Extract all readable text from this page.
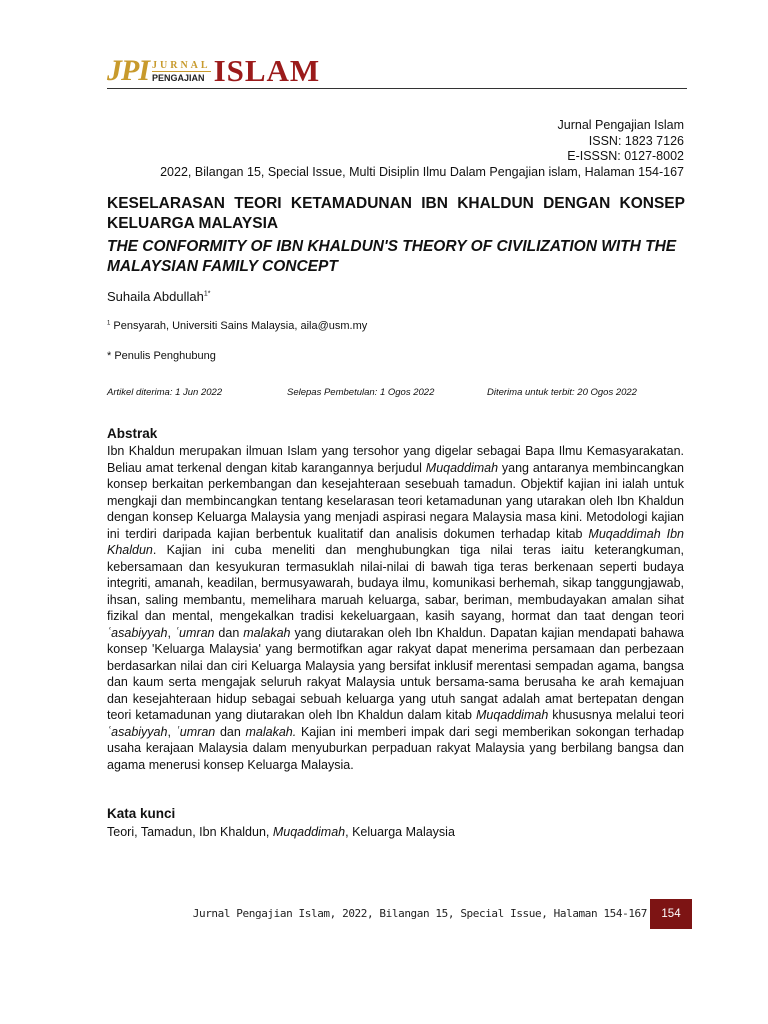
JPI JURNAL
PENGAJIAN ISLAM
Jurnal Pengajian Islam
ISSN: 1823 7126
E-ISSSN: 0127-8002
2022, Bilangan 15, Special Issue, Multi Disiplin Ilmu Dalam Pengajian islam, Halaman 154-167
KESELARASAN TEORI KETAMADUNAN IBN KHALDUN DENGAN KONSEP KELUARGA MALAYSIA
THE CONFORMITY OF IBN KHALDUN'S THEORY OF CIVILIZATION WITH THE MALAYSIAN FAMILY CONCEPT
Suhaila Abdullah$^{1*}$
$^1$ Pensyarah, Universiti Sains Malaysia, aila@usm.my
* Penulis Penghubung
Artikel diterima: 1 Jun 2022	Selepas Pembetulan: 1 Ogos 2022	Diterima untuk terbit: 20 Ogos 2022
Abstrak

Ibn Khaldun merupakan ilmuan Islam yang tersohor yang digelar sebagai Bapa Ilmu Kemasyarakatan. Beliau amat terkenal dengan kitab karangannya berjudul Muqaddimah yang antaranya membincangkan konsep berkaitan perkembangan dan kesejahteraan sesebuah tamadun. Objektif kajian ini ialah untuk mengkaji dan membincangkan tentang keselarasan teori ketamadunan yang utarakan oleh Ibn Khaldun dengan konsep Keluarga Malaysia yang menjadi aspirasi negara Malaysia masa kini. Metodologi kajian ini terdiri daripada kajian berbentuk kualitatif dan analisis dokumen terhadap kitab Muqaddimah Ibn Khaldun. Kajian ini cuba meneliti dan menghubungkan tiga nilai teras iaitu keterangkuman, kebersamaan dan kesyukuran termasuklah nilai-nilai di bawah tiga teras berkenaan seperti budaya integriti, amanah, keadilan, bermusyawarah, budaya ilmu, komunikasi berhemah, sikap tanggungjawab, ihsan, saling membantu, memelihara maruah keluarga, sabar, beriman, membudayakan amalan sihat fizikal dan mental, mengekalkan tradisi kekeluargaan, kasih sayang, hormat dan taat dengan teori ʿasabiyyah, ʿumran dan malakah yang diutarakan oleh Ibn Khaldun. Dapatan kajian mendapati bahawa konsep 'Keluarga Malaysia' yang bermotifkan agar rakyat dapat menerima persamaan dan perbezaan berdasarkan nilai dan ciri Keluarga Malaysia yang bersifat inklusif merentasi sempadan agama, bangsa dan kaum serta mengajak seluruh rakyat Malaysia untuk bersama-sama berusaha ke arah kemajuan dan kesejahteraan hidup sebagai sebuah keluarga yang utuh sangat adalah amat bertepatan dengan teori ketamadunan yang diutarakan oleh Ibn Khaldun dalam kitab Muqaddimah khususnya melalui teori ʿasabiyyah, ʿumran dan malakah. Kajian ini memberi impak dari segi memberikan sokongan terhadap usaha kerajaan Malaysia dalam menyuburkan perpaduan rakyat Malaysia yang berbilang bangsa dan agama menerusi konsep Keluarga Malaysia.

Kata kunci
Teori, Tamadun, Ibn Khaldun, Muqaddimah, Keluarga Malaysia
Jurnal Pengajian Islam, 2022, Bilangan 15, Special Issue, Halaman 154-167	154
